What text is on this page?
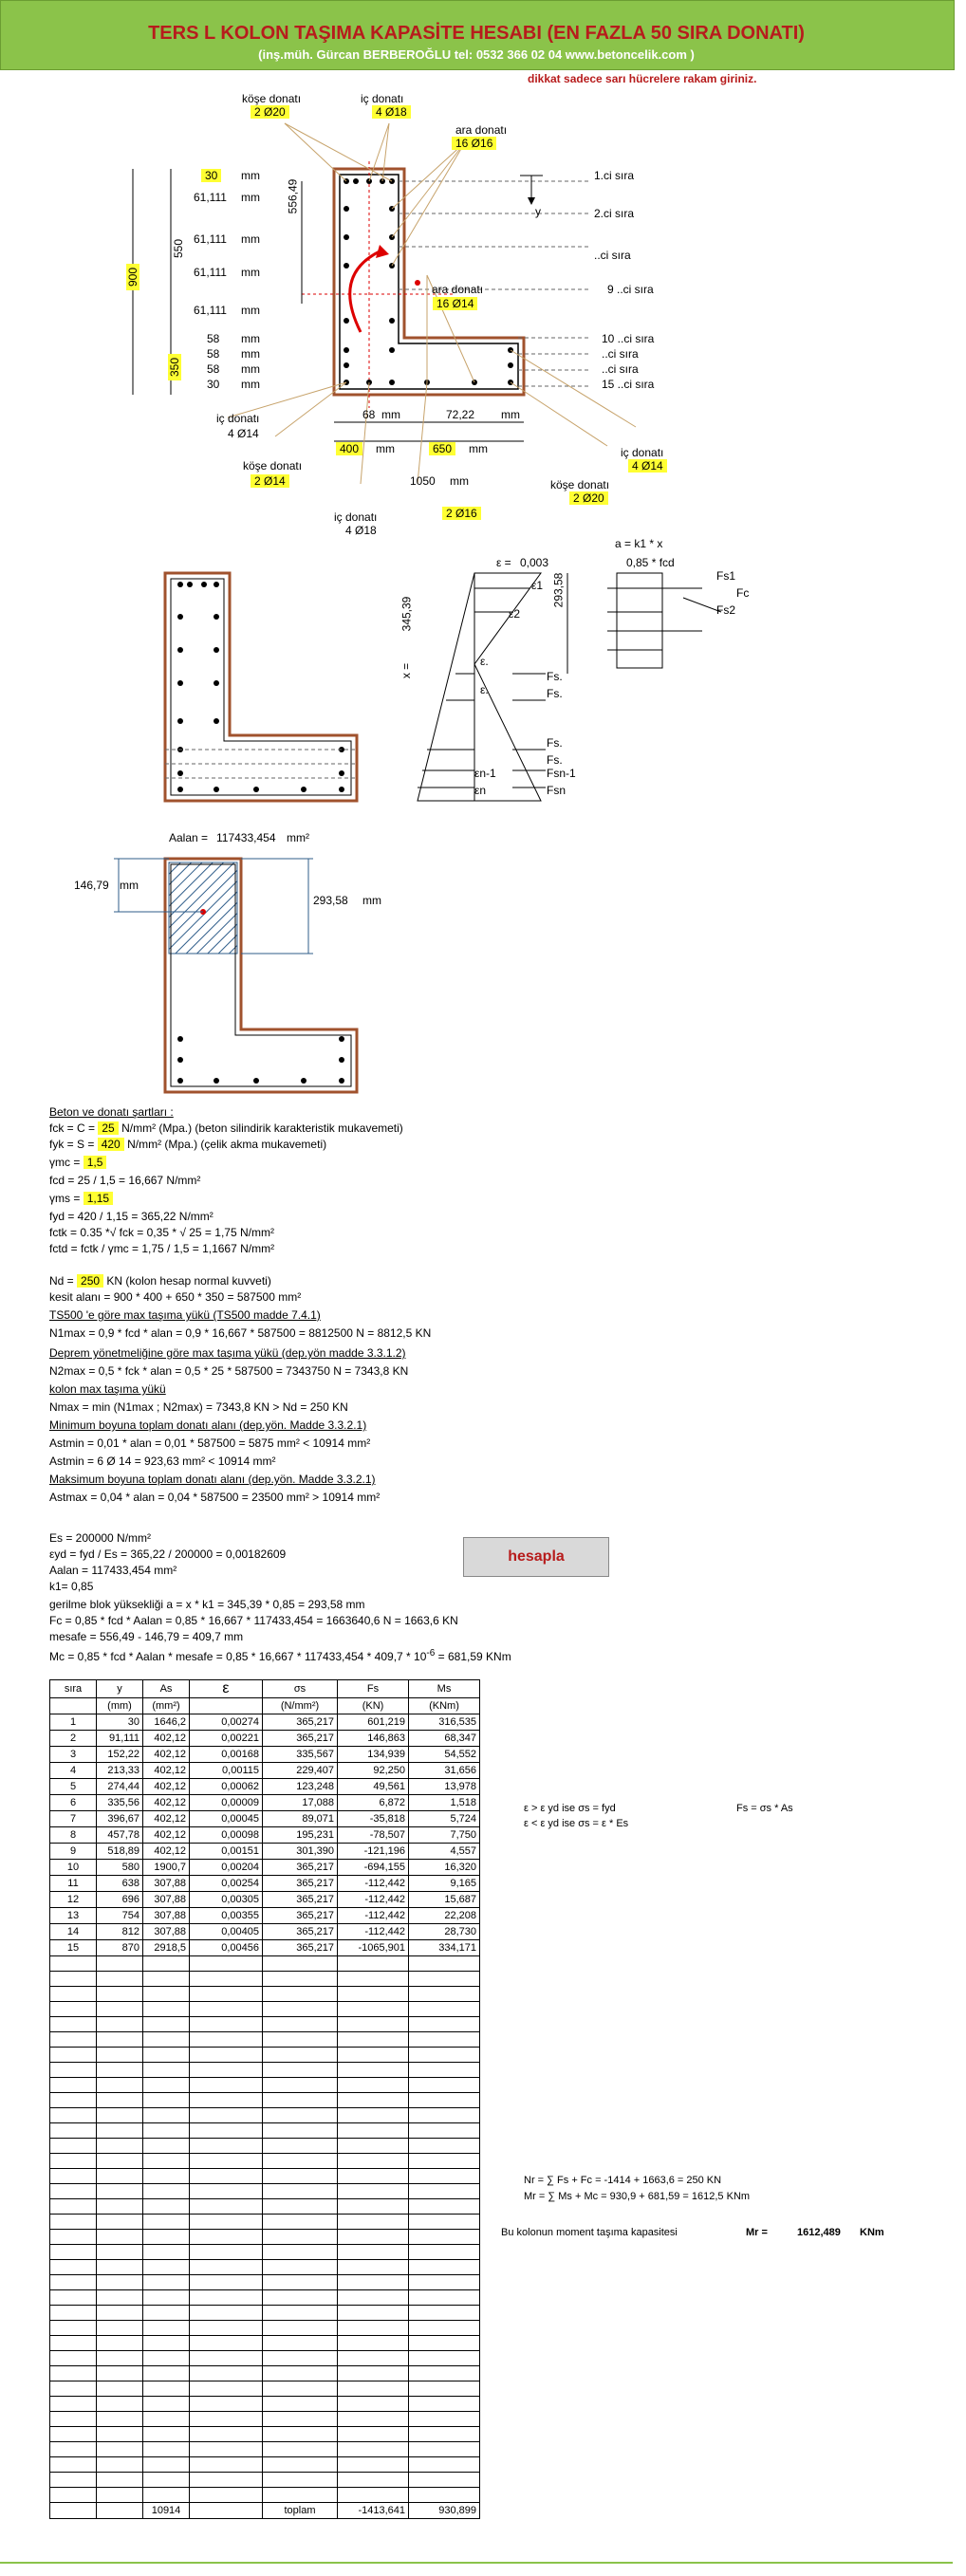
TERS L KOLON TAŞIMA KAPASİTE HESABI (EN FAZLA 50 SIRA DONATI)
(inş.müh. Gürcan BERBEROĞLU tel: 0532 366 02 04 www.betoncelik.com )
dikkat sadece sarı hücrelere rakam giriniz.
köşe donatı
2 Ø20
iç donatı
4 Ø18
ara donatı
16 Ø16
ara donatı
16 Ø14
30	mm
61,111 mm
61,111 mm
61,111 mm
61,111 mm
550
900
350
556,49
58 mm
58 mm
58 mm
30 mm
1.ci sıra
2.ci sıra
..ci sıra
9 ..ci sıra
10 ..ci sıra
..ci sıra
..ci sıra
15 ..ci sıra
y
iç donatı
4 Ø14
68 mm	72,22 mm
400	mm	650	mm
1050 mm
köşe donatı
2 Ø14
iç donatı
4 Ø18
2 Ø16
köşe donatı
2 Ø20
iç donatı
4 Ø14
ε = 0,003
a = k1 * x
0,85 * fcd
Fs1
Fc
Fs2
ε1
ε2
345,39
293,58
ε.
ε.
Fs.
Fs.
Fs.
Fs.
εn-1	Fsn-1
εn	Fsn
x =
Aalan = 117433,454 mm²
146,79 mm
293,58 mm
Beton ve donatı şartları :
fck = C = 25 N/mm² (Mpa.) (beton silindirik karakteristik mukavemeti)
fyk = S = 420 N/mm² (Mpa.) (çelik akma mukavemeti)
γmc = 1,5
fcd = 25 / 1,5 = 16,667 N/mm²
γms = 1,15
fyd = 420 / 1,15 = 365,22 N/mm²
fctk = 0.35 *√ fck = 0,35 * √ 25 = 1,75 N/mm²
fctd = fctk / γmc = 1,75 / 1,5 = 1,1667 N/mm²
Nd = 250 KN (kolon hesap normal kuvveti)
kesit alanı = 900 * 400 + 650 * 350 = 587500 mm²
TS500 'e göre max taşıma yükü (TS500 madde 7.4.1)
N1max = 0,9 * fcd * alan = 0,9 * 16,667 * 587500 = 8812500 N = 8812,5 KN
Deprem yönetmeliğine göre max taşıma yükü (dep.yön madde 3.3.1.2)
N2max = 0,5 * fck * alan = 0,5 * 25 * 587500 = 7343750 N = 7343,8 KN
kolon max taşıma yükü
Nmax = min (N1max ; N2max) = 7343,8 KN > Nd = 250 KN
Minimum boyuna toplam donatı alanı (dep.yön. Madde 3.3.2.1)
Astmin = 0,01 * alan = 0,01 * 587500 = 5875 mm² < 10914 mm²
Astmin = 6 Ø 14 = 923,63 mm² < 10914 mm²
Maksimum boyuna toplam donatı alanı (dep.yön. Madde 3.3.2.1)
Astmax = 0,04 * alan = 0,04 * 587500 = 23500 mm² > 10914 mm²
Es = 200000 N/mm²
εyd = fyd / Es = 365,22 / 200000 = 0,00182609
Aalan = 117433,454 mm²
k1= 0,85
gerilme blok yüksekliği a = x * k1 = 345,39 * 0,85 = 293,58 mm
Fc = 0,85 * fcd * Aalan = 0,85 * 16,667 * 117433,454 = 1663640,6 N = 1663,6 KN
mesafe = 556,49 - 146,79 = 409,7 mm
Mc = 0,85 * fcd * Aalan * mesafe = $0,85 * 16,667 * 117433,454 * 409,7 * 10^{-6} = 681,59$ KNm
hesapla
sıra	y	As	ε	σs	Fs	Ms
	(mm)	(mm²)		(N/mm²)	(KN)	(KNm)
1	30	1646,2	0,00274	365,217	601,219	316,535
2	91,111	402,12	0,00221	365,217	146,863	68,347
3	152,22	402,12	0,00168	335,567	134,939	54,552
4	213,33	402,12	0,00115	229,407	92,250	31,656
5	274,44	402,12	0,00062	123,248	49,561	13,978
6	335,56	402,12	0,00009	17,088	6,872	1,518
7	396,67	402,12	0,00045	89,071	-35,818	5,724
8	457,78	402,12	0,00098	195,231	-78,507	7,750
9	518,89	402,12	0,00151	301,390	-121,196	4,557
10	580	1900,7	0,00204	365,217	-694,155	16,320
11	638	307,88	0,00254	365,217	-112,442	9,165
12	696	307,88	0,00305	365,217	-112,442	15,687
13	754	307,88	0,00355	365,217	-112,442	22,208
14	812	307,88	0,00405	365,217	-112,442	28,730
15	870	2918,5	0,00456	365,217	-1065,901	334,171

		10914		toplam	-1413,641	930,899
ε > ε yd ise σs = fyd
ε < ε yd ise σs = ε * Es
Fs = σs * As
Nr = ∑ Fs + Fc = -1414 + 1663,6 = 250 KN
Mr = ∑ Ms + Mc = 930,9 + 681,59 = 1612,5 KNm
Bu kolonun moment taşıma kapasitesi	Mr =	1612,489 KNm
